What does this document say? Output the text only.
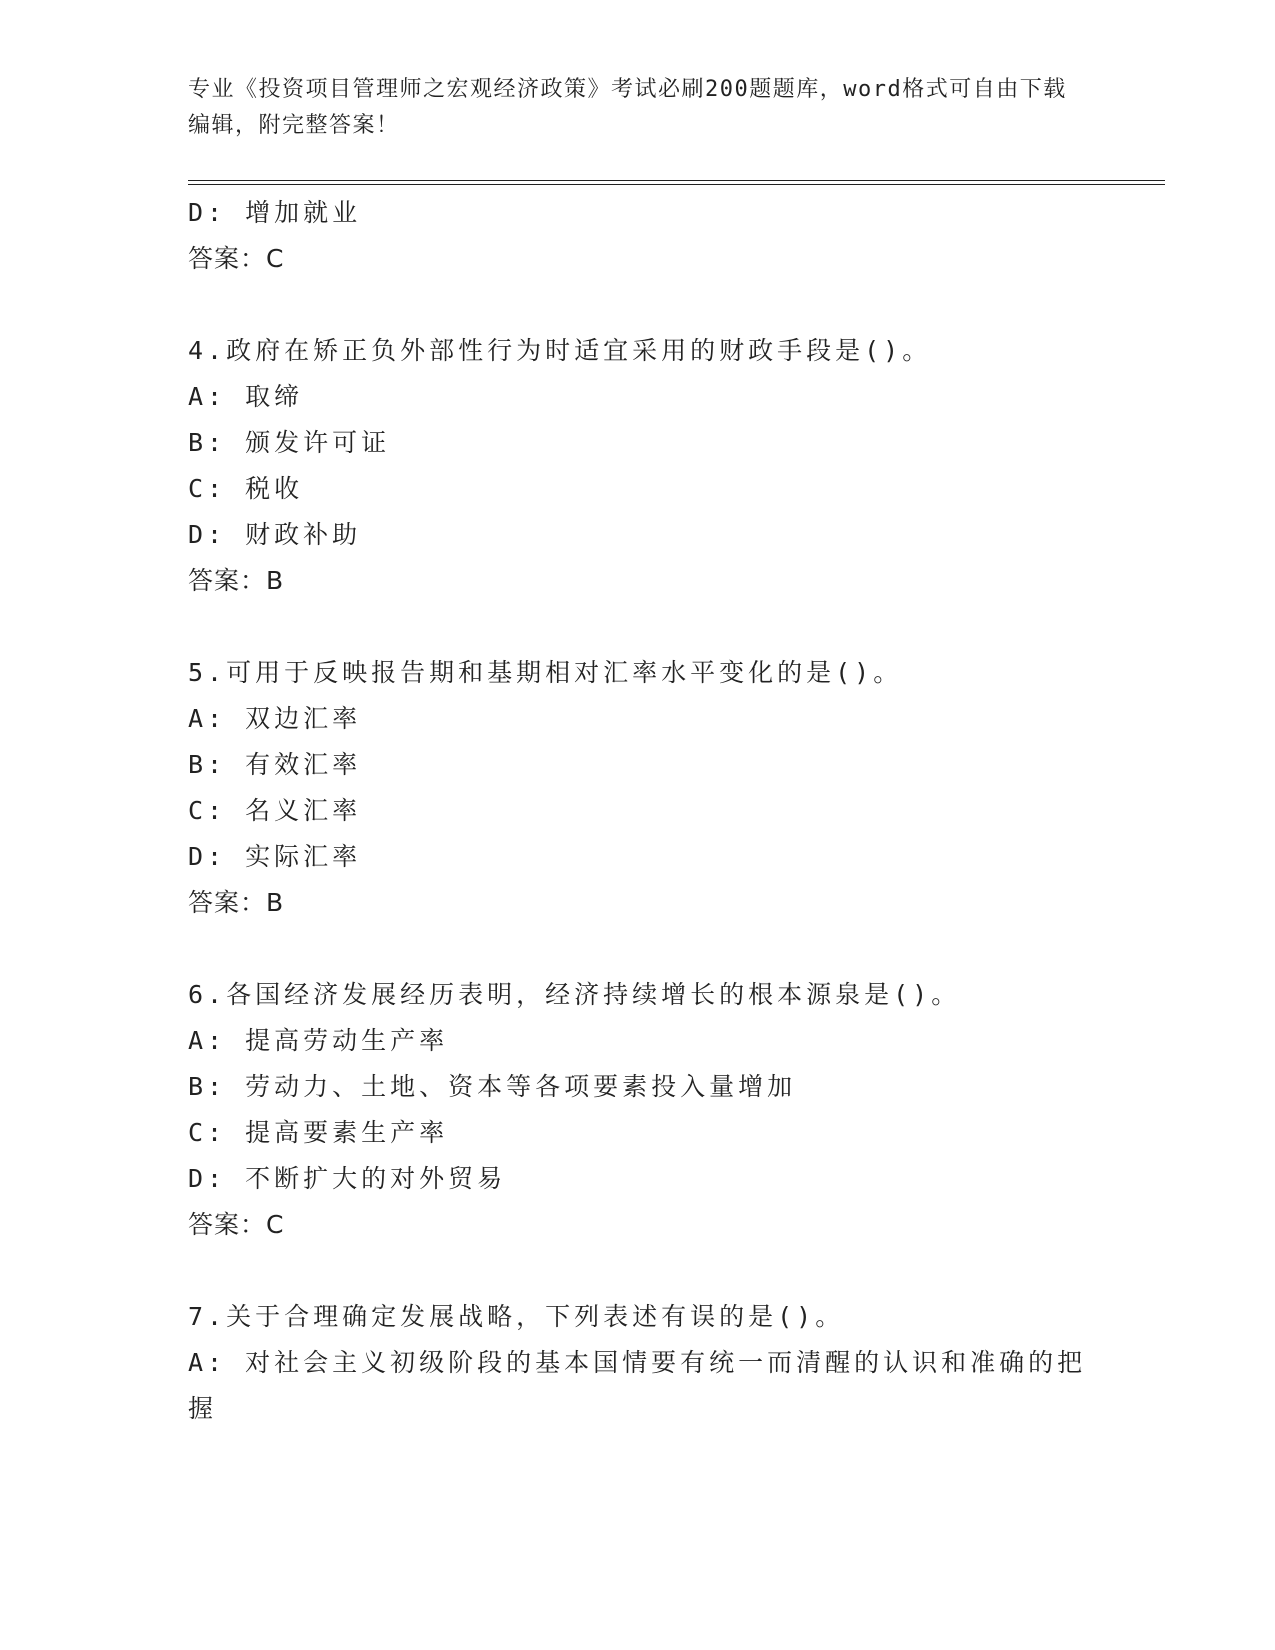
专业《投资项目管理师之宏观经济政策》考试必刷200题题库，word格式可自由下载编辑，附完整答案！
D: 增加就业
答案：C
4.政府在矫正负外部性行为时适宜采用的财政手段是()。
A: 取缔
B: 颁发许可证
C: 税收
D: 财政补助
答案：B
5.可用于反映报告期和基期相对汇率水平变化的是()。
A: 双边汇率
B: 有效汇率
C: 名义汇率
D: 实际汇率
答案：B
6.各国经济发展经历表明，经济持续增长的根本源泉是()。
A: 提高劳动生产率
B: 劳动力、土地、资本等各项要素投入量增加
C: 提高要素生产率
D: 不断扩大的对外贸易
答案：C
7.关于合理确定发展战略，下列表述有误的是()。
A: 对社会主义初级阶段的基本国情要有统一而清醒的认识和准确的把握
